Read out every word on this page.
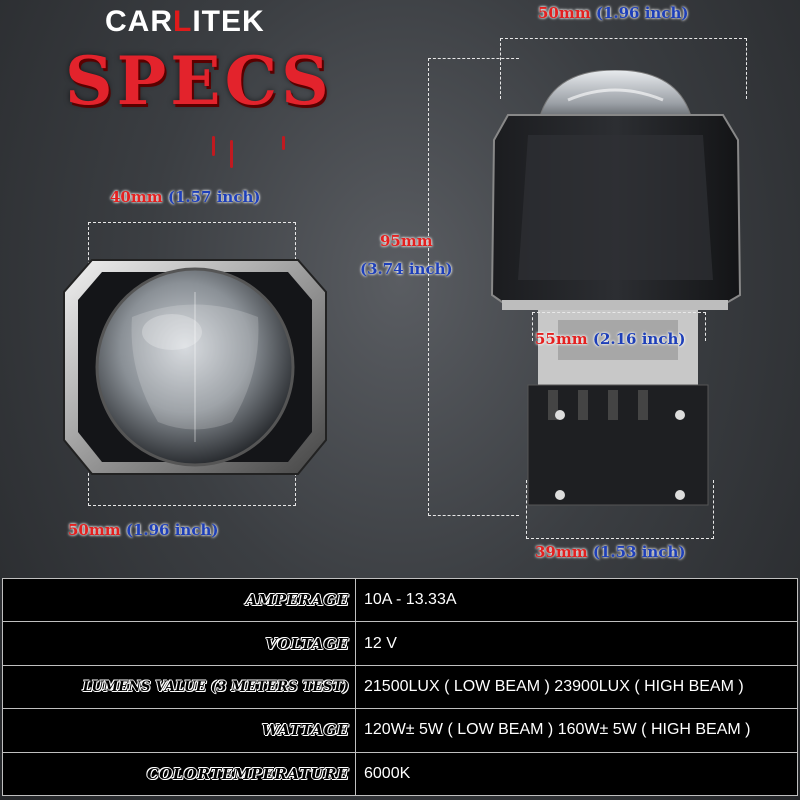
CARLITEK
SPECS
40mm (1.57 inch)
50mm (1.96 inch)
50mm (1.96 inch)
95mm
(3.74 inch)
55mm (2.16 inch)
39mm (1.53 inch)
AMPERAGE	10A - 13.33A
VOLTAGE	12 V
LUMENS VALUE (3 METERS TEST)	21500LUX ( LOW BEAM ) 23900LUX ( HIGH BEAM )
WATTAGE	120W± 5W ( LOW BEAM ) 160W± 5W ( HIGH BEAM )
COLORTEMPERATURE	6000K
